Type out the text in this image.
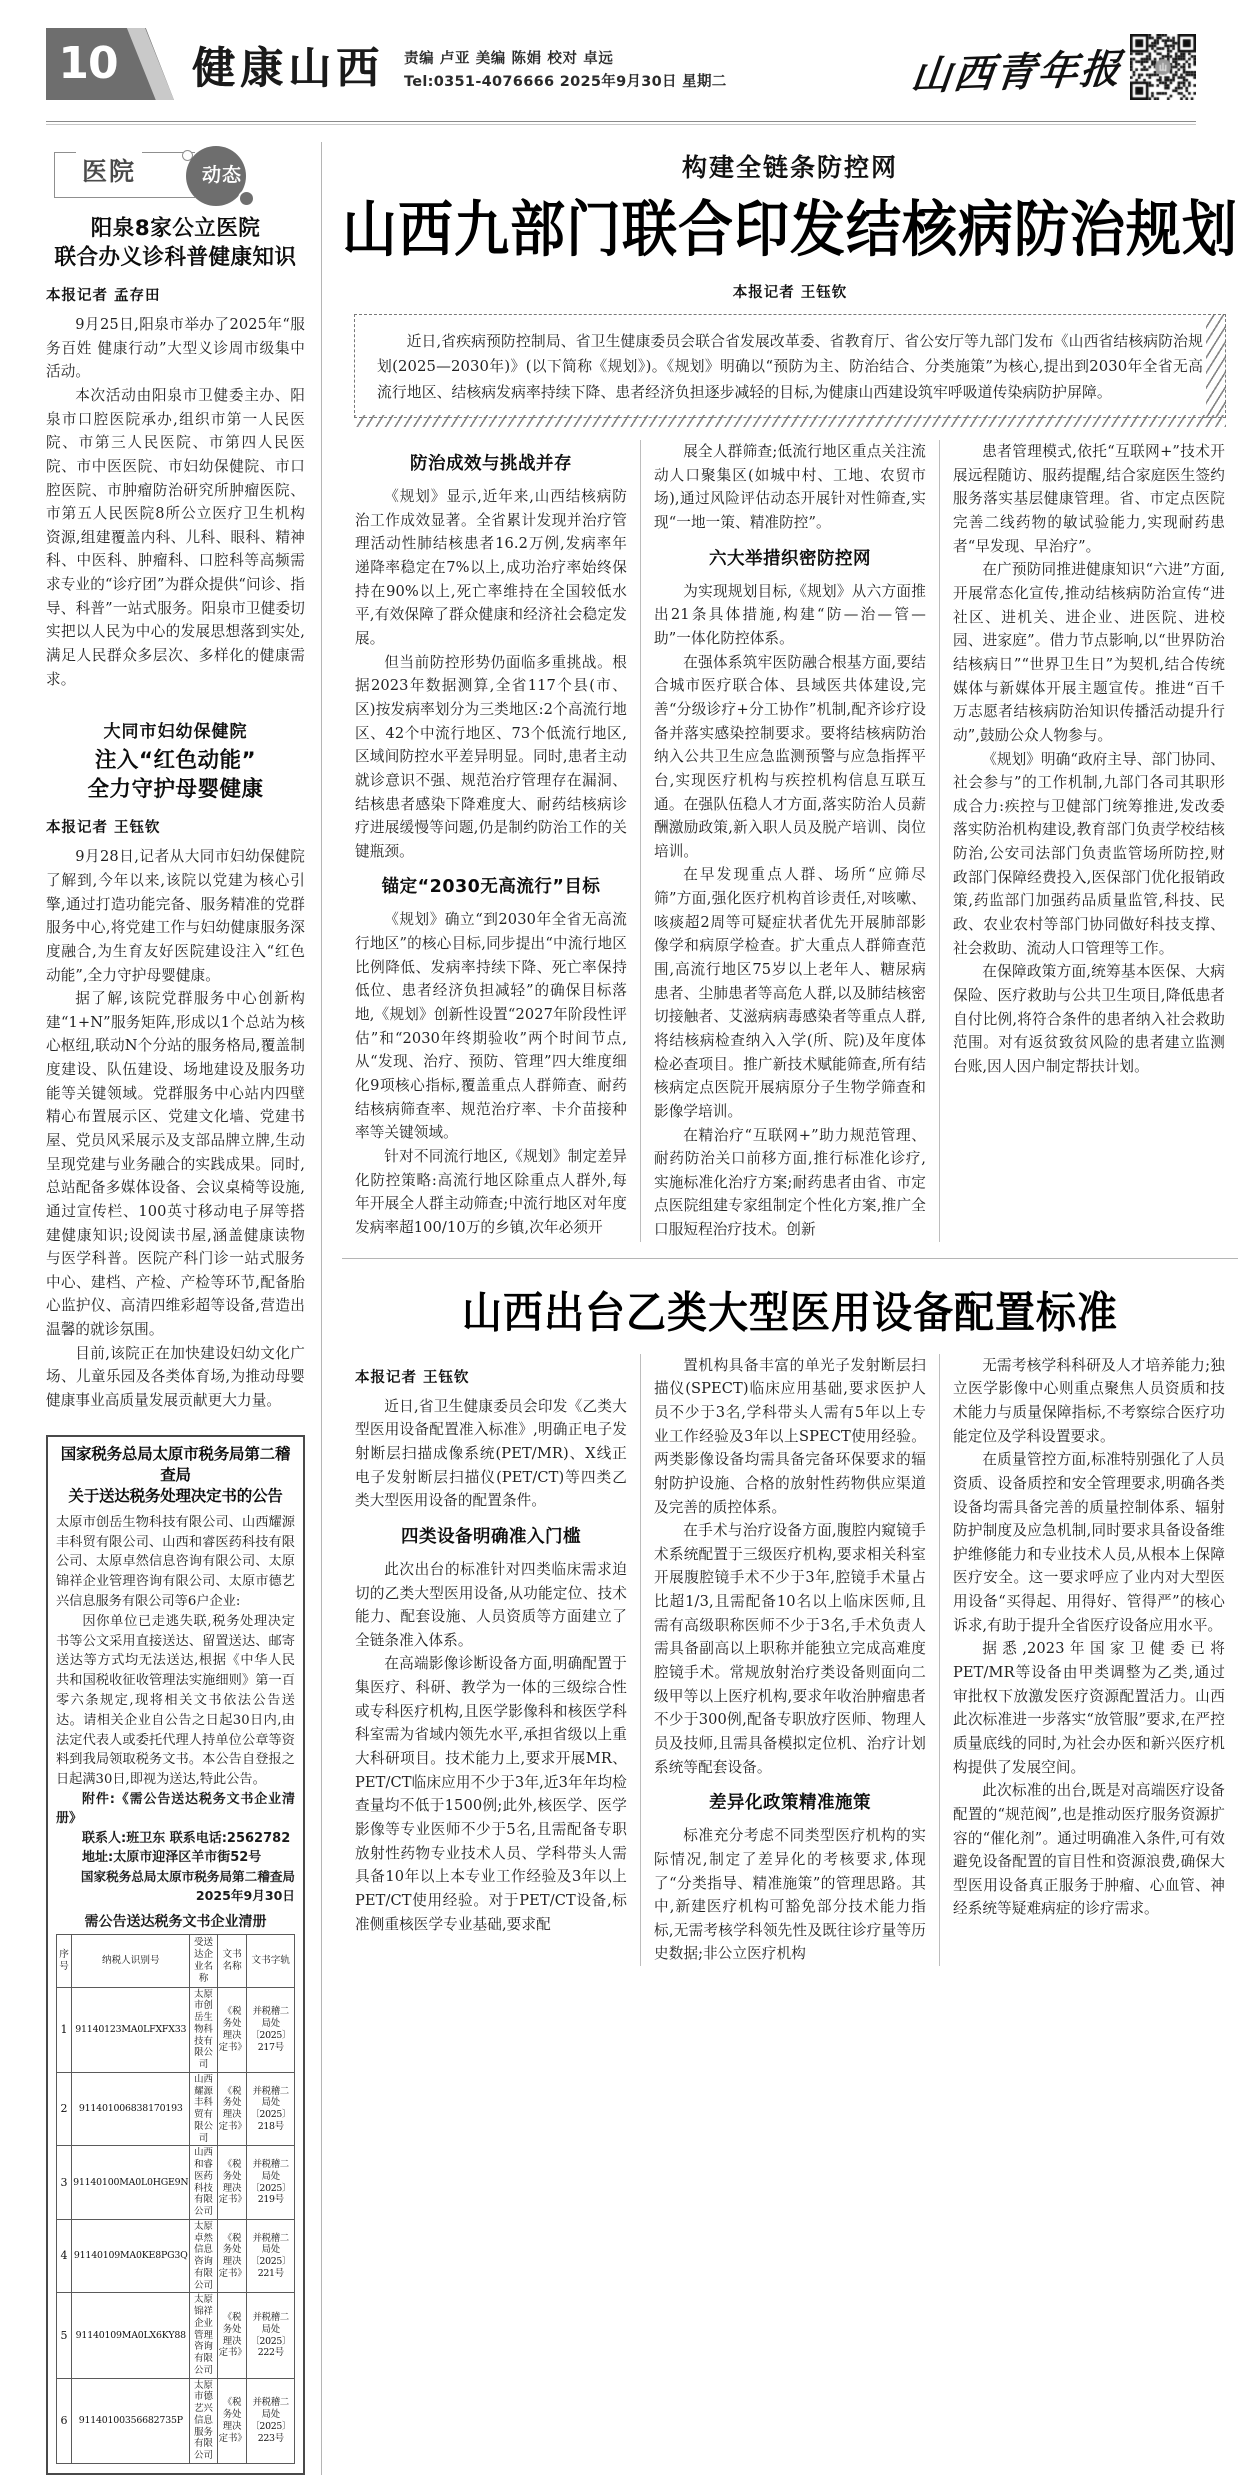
10 健康山西 责编 卢亚 美编 陈娟 校对 卓远
Tel:0351-4076666 2025年9月30日 星期二	山西青年报
医院	动态
阳泉8家公立医院
联合办义诊科普健康知识
本报记者 孟存田

9月25日,阳泉市举办了2025年“服务百姓 健康行动”大型义诊周市级集中活动。

本次活动由阳泉市卫健委主办、阳泉市口腔医院承办,组织市第一人民医院、市第三人民医院、市第四人民医院、市中医医院、市妇幼保健院、市口腔医院、市肿瘤防治研究所肿瘤医院、市第五人民医院8所公立医疗卫生机构资源,组建覆盖内科、儿科、眼科、精神科、中医科、肿瘤科、口腔科等高频需求专业的“诊疗团”为群众提供“问诊、指导、科普”一站式服务。阳泉市卫健委切实把以人民为中心的发展思想落到实处,满足人民群众多层次、多样化的健康需求。

大同市妇幼保健院
注入“红色动能”
全力守护母婴健康
本报记者 王钰钦

9月28日,记者从大同市妇幼保健院了解到,今年以来,该院以党建为核心引擎,通过打造功能完备、服务精准的党群服务中心,将党建工作与妇幼健康服务深度融合,为生育友好医院建设注入“红色动能”,全力守护母婴健康。

据了解,该院党群服务中心创新构建“1+N”服务矩阵,形成以1个总站为核心枢纽,联动N个分站的服务格局,覆盖制度建设、队伍建设、场地建设及服务功能等关键领域。党群服务中心站内四壁精心布置展示区、党建文化墙、党建书屋、党员风采展示及支部品牌立牌,生动呈现党建与业务融合的实践成果。同时,总站配备多媒体设备、会议桌椅等设施,通过宣传栏、100英寸移动电子屏等搭建健康知识;设阅读书屋,涵盖健康读物与医学科普。医院产科门诊一站式服务中心、建档、产检、产检等环节,配备胎心监护仪、高清四维彩超等设备,营造出温馨的就诊氛围。

目前,该院正在加快建设妇幼文化广场、儿童乐园及各类体育场,为推动母婴健康事业高质量发展贡献更大力量。

国家税务总局太原市税务局第二稽查局
关于送达税务处理决定书的公告

太原市创岳生物科技有限公司、山西耀源丰科贸有限公司、山西和睿医药科技有限公司、太原卓然信息咨询有限公司、太原锦祥企业管理咨询有限公司、太原市德艺兴信息服务有限公司等6户企业:

因你单位已走逃失联,税务处理决定书等公文采用直接送达、留置送达、邮寄送达等方式均无法送达,根据《中华人民共和国税收征收管理法实施细则》第一百零六条规定,现将相关文书依法公告送达。请相关企业自公告之日起30日内,由法定代表人或委托代理人持单位公章等资料到我局领取税务文书。本公告自登报之日起满30日,即视为送达,特此公告。

附件:《需公告送达税务文书企业清册》

联系人:班卫东 联系电话:2562782

地址:太原市迎泽区羊市街52号

国家税务总局太原市税务局第二稽查局

2025年9月30日

需公告送达税务文书企业清册
序号	纳税人识别号	受送达企业名称	文书名称	文书字轨
1	91140123MA0LFXFX33	太原市创岳生物科技有限公司	《税务处理决定书》	并税稽二局处〔2025〕217号
2	911401006838170193	山西耀源丰科贸有限公司	《税务处理决定书》	并税稽二局处〔2025〕218号
3	91140100MA0L0HGE9N	山西和睿医药科技有限公司	《税务处理决定书》	并税稽二局处〔2025〕219号
4	91140109MA0KE8PG3Q	太原卓然信息咨询有限公司	《税务处理决定书》	并税稽二局处〔2025〕221号
5	91140109MA0LX6KY88	太原锦祥企业管理咨询有限公司	《税务处理决定书》	并税稽二局处〔2025〕222号
6	91140100356682735P	太原市德艺兴信息服务有限公司	《税务处理决定书》	并税稽二局处〔2025〕223号
构建全链条防控网
山西九部门联合印发结核病防治规划
本报记者 王钰钦

近日,省疾病预防控制局、省卫生健康委员会联合省发展改革委、省教育厅、省公安厅等九部门发布《山西省结核病防治规划(2025—2030年)》(以下简称《规划》)。《规划》明确以“预防为主、防治结合、分类施策”为核心,提出到2030年全省无高流行地区、结核病发病率持续下降、患者经济负担逐步减轻的目标,为健康山西建设筑牢呼吸道传染病防护屏障。

防治成效与挑战并存

《规划》显示,近年来,山西结核病防治工作成效显著。全省累计发现并治疗管理活动性肺结核患者16.2万例,发病率年递降率稳定在7%以上,成功治疗率始终保持在90%以上,死亡率维持在全国较低水平,有效保障了群众健康和经济社会稳定发展。

但当前防控形势仍面临多重挑战。根据2023年数据测算,全省117个县(市、区)按发病率划分为三类地区:2个高流行地区、42个中流行地区、73个低流行地区,区域间防控水平差异明显。同时,患者主动就诊意识不强、规范治疗管理存在漏洞、结核患者感染下降难度大、耐药结核病诊疗进展缓慢等问题,仍是制约防治工作的关键瓶颈。

锚定“2030无高流行”目标

《规划》确立“到2030年全省无高流行地区”的核心目标,同步提出“中流行地区比例降低、发病率持续下降、死亡率保持低位、患者经济负担减轻”的确保目标落地,《规划》创新性设置“2027年阶段性评估”和“2030年终期验收”两个时间节点,从“发现、治疗、预防、管理”四大维度细化9项核心指标,覆盖重点人群筛查、耐药结核病筛查率、规范治疗率、卡介苗接种率等关键领域。

针对不同流行地区,《规划》制定差异化防控策略:高流行地区除重点人群外,每年开展全人群主动筛查;中流行地区对年度发病率超100/10万的乡镇,次年必须开

展全人群筛查;低流行地区重点关注流动人口聚集区(如城中村、工地、农贸市场),通过风险评估动态开展针对性筛查,实现“一地一策、精准防控”。

六大举措织密防控网

为实现规划目标,《规划》从六方面推出21条具体措施,构建“防—治—管—助”一体化防控体系。

在强体系筑牢医防融合根基方面,要结合城市医疗联合体、县域医共体建设,完善“分级诊疗+分工协作”机制,配齐诊疗设备并落实感染控制要求。要将结核病防治纳入公共卫生应急监测预警与应急指挥平台,实现医疗机构与疾控机构信息互联互通。在强队伍稳人才方面,落实防治人员薪酬激励政策,新入职人员及脱产培训、岗位培训。

在早发现重点人群、场所“应筛尽筛”方面,强化医疗机构首诊责任,对咳嗽、咳痰超2周等可疑症状者优先开展肺部影像学和病原学检查。扩大重点人群筛查范围,高流行地区75岁以上老年人、糖尿病患者、尘肺患者等高危人群,以及肺结核密切接触者、艾滋病病毒感染者等重点人群,将结核病检查纳入入学(所、院)及年度体检必查项目。推广新技术赋能筛查,所有结核病定点医院开展病原分子生物学筛查和影像学培训。

在精治疗“互联网+”助力规范管理、耐药防治关口前移方面,推行标准化诊疗,实施标准化治疗方案;耐药患者由省、市定点医院组建专家组制定个性化方案,推广全口服短程治疗技术。创新

患者管理模式,依托“互联网+”技术开展远程随访、服药提醒,结合家庭医生签约服务落实基层健康管理。省、市定点医院完善二线药物的敏试验能力,实现耐药患者“早发现、早治疗”。

在广预防同推进健康知识“六进”方面,开展常态化宣传,推动结核病防治宣传“进社区、进机关、进企业、进医院、进校园、进家庭”。借力节点影响,以“世界防治结核病日”“世界卫生日”为契机,结合传统媒体与新媒体开展主题宣传。推进“百千万志愿者结核病防治知识传播活动提升行动”,鼓励公众人物参与。

《规划》明确“政府主导、部门协同、社会参与”的工作机制,九部门各司其职形成合力:疾控与卫健部门统筹推进,发改委落实防治机构建设,教育部门负责学校结核防治,公安司法部门负责监管场所防控,财政部门保障经费投入,医保部门优化报销政策,药监部门加强药品质量监管,科技、民政、农业农村等部门协同做好科技支撑、社会救助、流动人口管理等工作。

在保障政策方面,统筹基本医保、大病保险、医疗救助与公共卫生项目,降低患者自付比例,将符合条件的患者纳入社会救助范围。对有返贫致贫风险的患者建立监测台账,因人因户制定帮扶计划。

山西出台乙类大型医用设备配置标准
本报记者 王钰钦

近日,省卫生健康委员会印发《乙类大型医用设备配置准入标准》,明确正电子发射断层扫描成像系统(PET/MR)、X线正电子发射断层扫描仪(PET/CT)等四类乙类大型医用设备的配置条件。

四类设备明确准入门槛

此次出台的标准针对四类临床需求迫切的乙类大型医用设备,从功能定位、技术能力、配套设施、人员资质等方面建立了全链条准入体系。

在高端影像诊断设备方面,明确配置于集医疗、科研、教学为一体的三级综合性或专科医疗机构,且医学影像科和核医学科科室需为省域内领先水平,承担省级以上重大科研项目。技术能力上,要求开展MR、PET/CT临床应用不少于3年,近3年年均检查量均不低于1500例;此外,核医学、医学影像等专业医师不少于5名,且需配备专职放射性药物专业技术人员、学科带头人需具备10年以上本专业工作经验及3年以上PET/CT使用经验。对于PET/CT设备,标准侧重核医学专业基础,要求配

置机构具备丰富的单光子发射断层扫描仪(SPECT)临床应用基础,要求医护人员不少于3名,学科带头人需有5年以上专业工作经验及3年以上SPECT使用经验。两类影像设备均需具备完备环保要求的辐射防护设施、合格的放射性药物供应渠道及完善的质控体系。

在手术与治疗设备方面,腹腔内窥镜手术系统配置于三级医疗机构,要求相关科室开展腹腔镜手术不少于3年,腔镜手术量占比超1/3,且需配备10名以上临床医师,且需有高级职称医师不少于3名,手术负责人需具备副高以上职称并能独立完成高难度腔镜手术。常规放射治疗类设备则面向二级甲等以上医疗机构,要求年收治肿瘤患者不少于300例,配备专职放疗医师、物理人员及技师,且需具备模拟定位机、治疗计划系统等配套设备。

差异化政策精准施策

标准充分考虑不同类型医疗机构的实际情况,制定了差异化的考核要求,体现了“分类指导、精准施策”的管理思路。其中,新建医疗机构可豁免部分技术能力指标,无需考核学科领先性及既往诊疗量等历史数据;非公立医疗机构

无需考核学科科研及人才培养能力;独立医学影像中心则重点聚焦人员资质和技术能力与质量保障指标,不考察综合医疗功能定位及学科设置要求。

在质量管控方面,标准特别强化了人员资质、设备质控和安全管理要求,明确各类设备均需具备完善的质量控制体系、辐射防护制度及应急机制,同时要求具备设备维护维修能力和专业技术人员,从根本上保障医疗安全。这一要求呼应了业内对大型医用设备“买得起、用得好、管得严”的核心诉求,有助于提升全省医疗设备应用水平。

据悉,2023年国家卫健委已将PET/MR等设备由甲类调整为乙类,通过审批权下放激发医疗资源配置活力。山西此次标准进一步落实“放管服”要求,在严控质量底线的同时,为社会办医和新兴医疗机构提供了发展空间。

此次标准的出台,既是对高端医疗设备配置的“规范阀”,也是推动医疗服务资源扩容的“催化剂”。通过明确准入条件,可有效避免设备配置的盲目性和资源浪费,确保大型医用设备真正服务于肿瘤、心血管、神经系统等疑难病症的诊疗需求。
